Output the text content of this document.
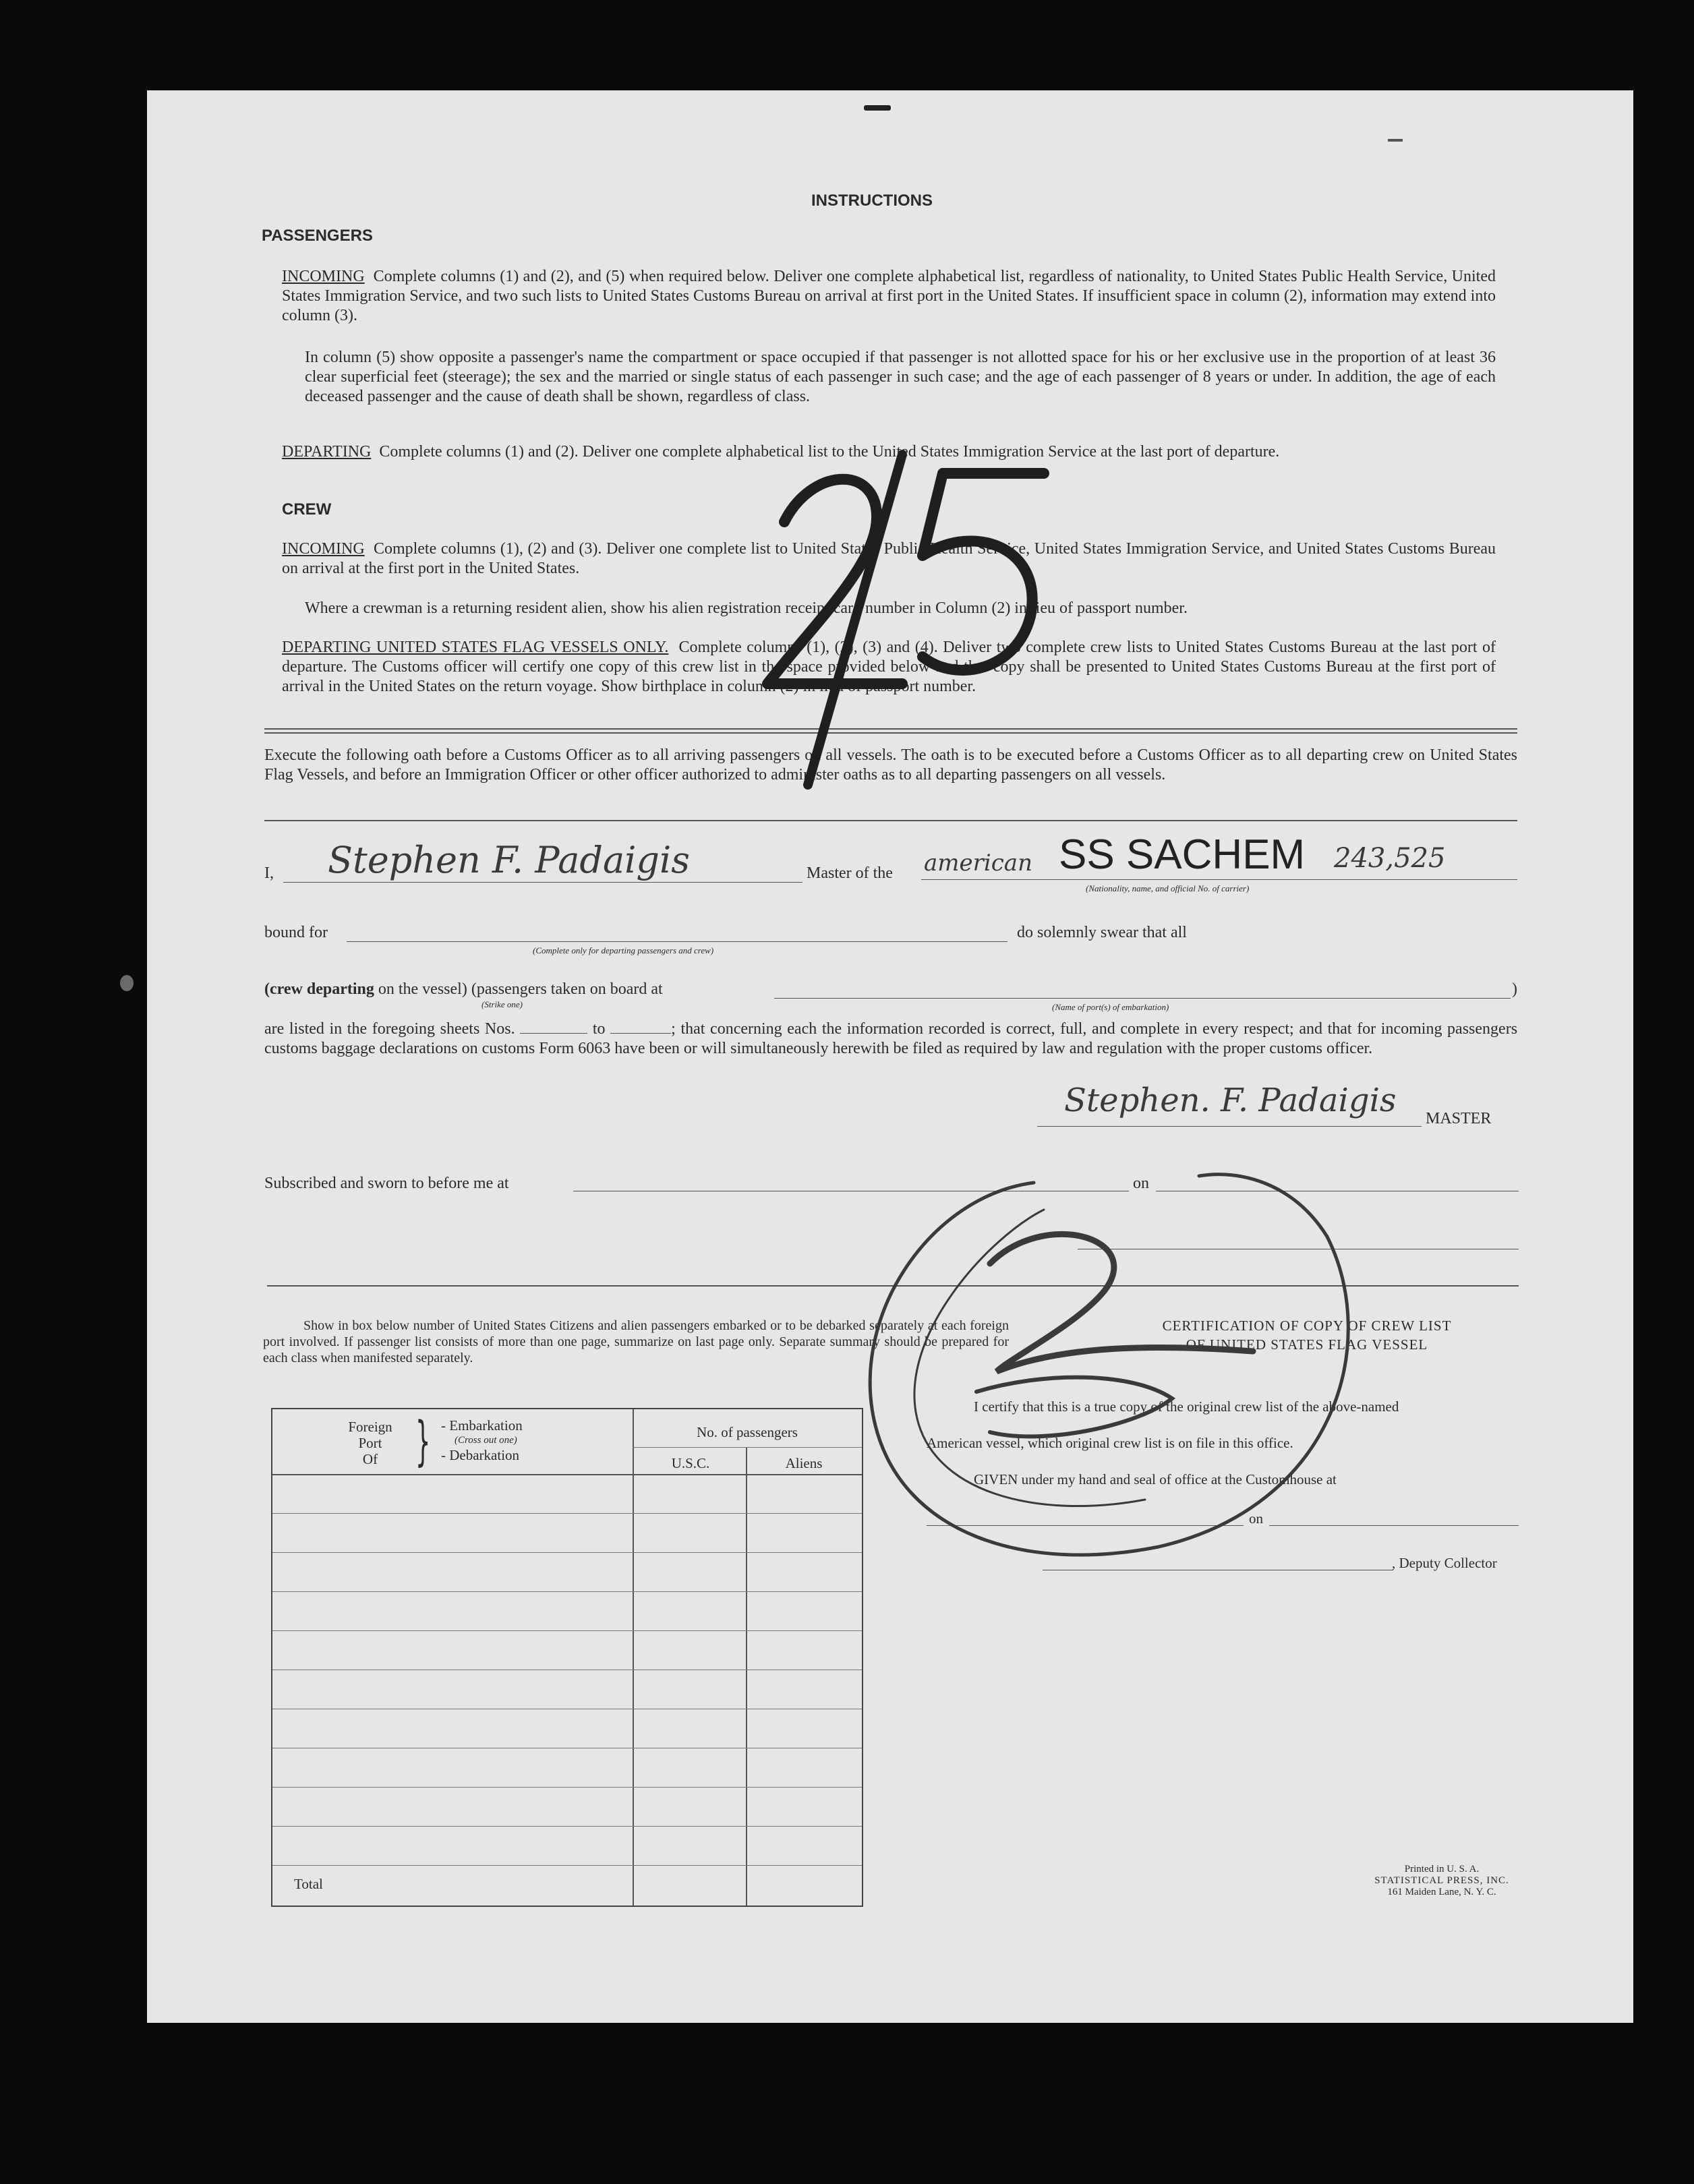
INSTRUCTIONS
PASSENGERS
INCOMING Complete columns (1) and (2), and (5) when required below. Deliver one complete alphabetical list, regardless of nationality, to United States Public Health Service, United States Immigration Service, and two such lists to United States Customs Bureau on arrival at first port in the United States. If insufficient space in column (2), information may extend into column (3).
In column (5) show opposite a passenger's name the compartment or space occupied if that passenger is not allotted space for his or her exclusive use in the proportion of at least 36 clear superficial feet (steerage); the sex and the married or single status of each passenger in such case; and the age of each passenger of 8 years or under. In addition, the age of each deceased passenger and the cause of death shall be shown, regardless of class.
DEPARTING Complete columns (1) and (2). Deliver one complete alphabetical list to the United States Immigration Service at the last port of departure.
CREW
INCOMING Complete columns (1), (2) and (3). Deliver one complete list to United States Public Health Service, United States Immigration Service, and United States Customs Bureau on arrival at the first port in the United States.
Where a crewman is a returning resident alien, show his alien registration receipt card number in Column (2) in lieu of passport number.
DEPARTING UNITED STATES FLAG VESSELS ONLY. Complete columns (1), (2), (3) and (4). Deliver two complete crew lists to United States Customs Bureau at the last port of departure. The Customs officer will certify one copy of this crew list in the space provided below and that copy shall be presented to United States Customs Bureau at the first port of arrival in the United States on the return voyage. Show birthplace in column (2) in lieu of passport number.
Execute the following oath before a Customs Officer as to all arriving passengers on all vessels. The oath is to be executed before a Customs Officer as to all departing crew on United States Flag Vessels, and before an Immigration Officer or other officer authorized to administer oaths as to all departing passengers on all vessels.
I, Stephen F. Padaigis	Master of the american SS SACHEM 243,525
(Nationality, name, and official No. of carrier)
bound for
(Complete only for departing passengers and crew)
do solemnly swear that all
(crew departing on the vessel) (passengers taken on board at
(Strike one)	(Name of port(s) of embarkation)
)
are listed in the foregoing sheets Nos.	to	; that concerning each the information recorded is correct, full, and complete in every respect; and that for incoming passengers customs baggage declarations on customs Form 6063 have been or will simultaneously herewith be filed as required by law and regulation with the proper customs officer.
Stephen. F. Padaigis MASTER
Subscribed and sworn to before me at	on
Show in box below number of United States Citizens and alien passengers embarked or to be debarked separately at each foreign port involved. If passenger list consists of more than one page, summarize on last page only. Separate summary should be prepared for each class when manifested separately.
Foreign
Port
Of } - Embarkation
(Cross out one)
- Debarkation
No. of passengers
U.S.C.	Aliens
Total
CERTIFICATION OF COPY OF CREW LIST
OF UNITED STATES FLAG VESSEL
I certify that this is a true copy of the original crew list of the above-named
American vessel, which original crew list is on file in this office.
GIVEN under my hand and seal of office at the Customhouse at
on
, Deputy Collector
Printed in U. S. A.
STATISTICAL PRESS, INC.
161 Maiden Lane, N. Y. C.
